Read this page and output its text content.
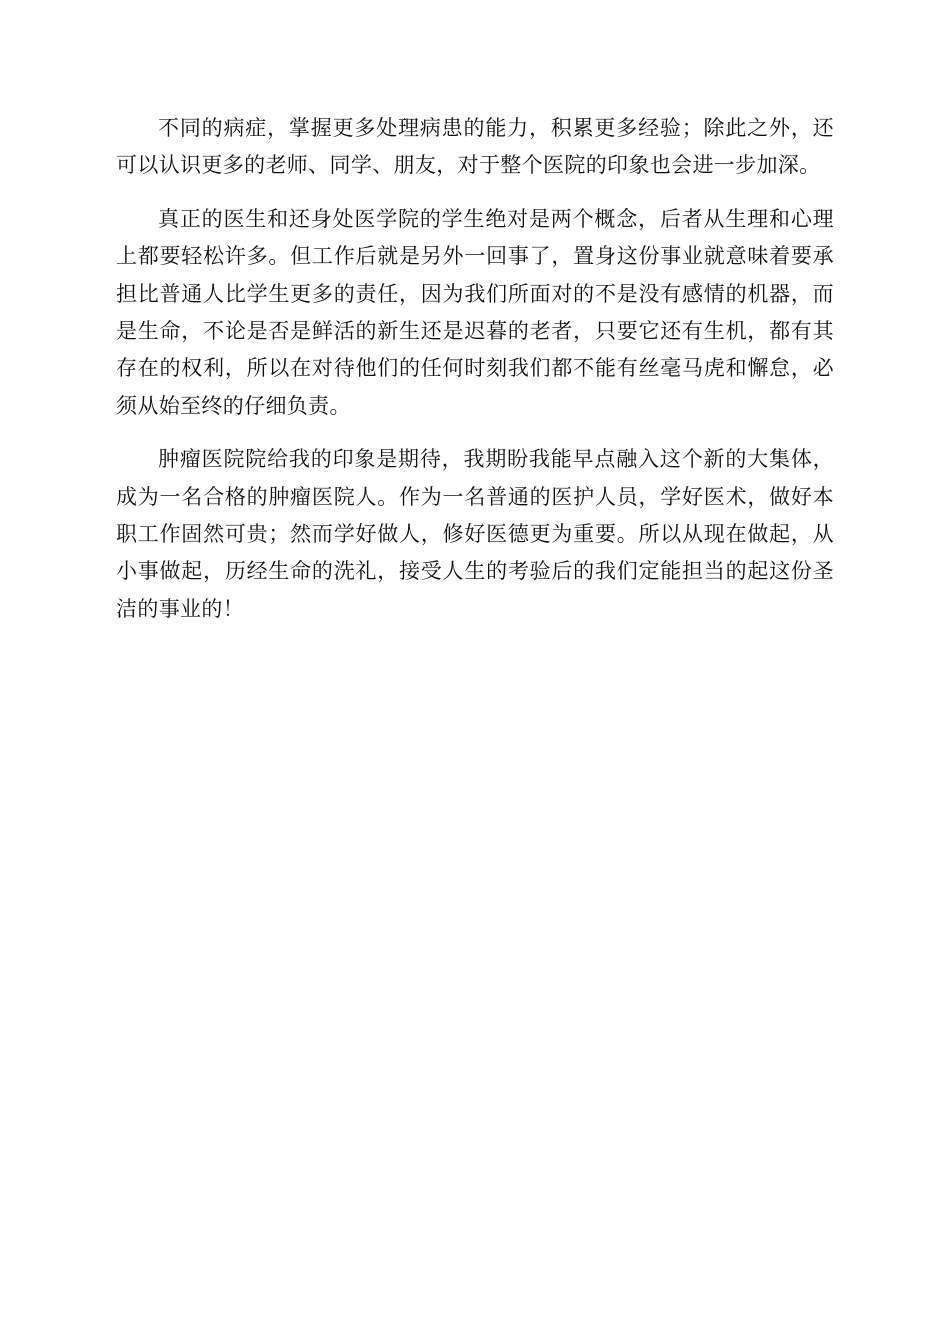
不同的病症，掌握更多处理病患的能力，积累更多经验；除此之外，还可以认识更多的老师、同学、朋友，对于整个医院的印象也会进一步加深。

真正的医生和还身处医学院的学生绝对是两个概念，后者从生理和心理上都要轻松许多。但工作后就是另外一回事了，置身这份事业就意味着要承担比普通人比学生更多的责任，因为我们所面对的不是没有感情的机器，而是生命，不论是否是鲜活的新生还是迟暮的老者，只要它还有生机，都有其存在的权利，所以在对待他们的任何时刻我们都不能有丝毫马虎和懈怠，必须从始至终的仔细负责。

肿瘤医院院给我的印象是期待，我期盼我能早点融入这个新的大集体，成为一名合格的肿瘤医院人。作为一名普通的医护人员，学好医术，做好本职工作固然可贵；然而学好做人，修好医德更为重要。所以从现在做起，从小事做起，历经生命的洗礼，接受人生的考验后的我们定能担当的起这份圣洁的事业的！
